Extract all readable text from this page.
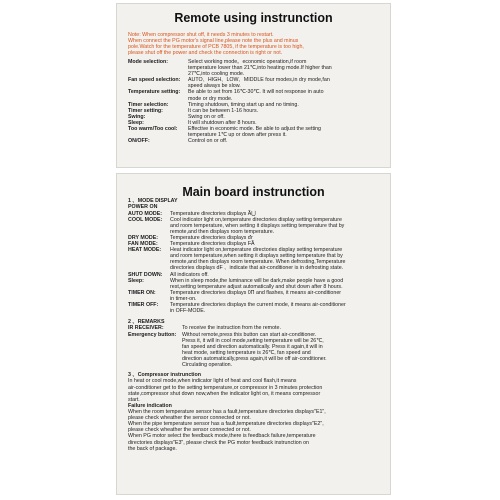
Remote using instrunction
Note: When compressor shut off, it needs 3 minutes to restart.
When connect the PG motor's signal line,please note the plus and minus
pole.Watch for the temperature of PCB 7805, if the temperature is too high,
please shut off the power and check the connection is right or not.
Mode selection:	Select working mode。economic operation,if room
temperature lower than 21℃,into heating mode.If higher than
27℃,into cooling mode.
Fan speed selection:	AUTO、HIGH、LOW、MIDDLE four modes,in dry mode,fan
speed always be slow.
Temperature setting:	Be able to set from 16℃-30℃. It will not response in auto
mode or dry mode.
Timer selection:	Timing shutdown, timing start up and no timing.
Timer setting:	It can be between 1-16 hours.
Swing:	Swing on or off.
Sleep:	It will shutdown after 8 hours.
Too warm/Too cool:	Effective in economic mode. Be able to adjust the setting
temperature 1℃ up or down after press it.
ON/OFF:	Control on or off.
Main board instrunction
1 、MODE DISPLAY
POWER ON
AUTO MODE:	Temperature directories displays Ȁ⋃
COOL MODE:	Cool indicator light on,temperature directories display setting temperature
and room temperature, when setting it displays setting temperature that by
remote,and then displays room temperature.
DRY MODE:	Temperature directories displays ďᴦ
FAN MODE:	Temperature directories displays ϜȀ
HEAT MODE:	Heat indicator light on,temperature directories display setting temperature
and room temperature,when setting it displays setting temperature that by
remote,and then displays room temperature. When defrosting,Temperature
directories displays dF 、indicate that air-conditioner is in defrosting state.
SHUT DOWN:	All indicators off.
Sleep:	When in sleep mode,the luminance will be dark,make people have a good
rest,setting temperature adjust automatically and shut down after 8 hours.
TIMER ON:	Temperature directories displays 0П and flashes, it means air-conditioner
in timer-on.
TIMER OFF:	Temperature directories displays the current mode, it means air-conditioner
in OFF-MODE.
2 、REMARKS
IR RECEIVER:	To receive the instruction from the remote.
Emergency button:	Without remote,press this button can start air-conditioner.
Press it, it will in cool mode,setting temperature will be 26℃,
fan speed and direction automatically. Press it again,it will in
heat mode, setting temperature is 26℃, fan speed and
direction automatically,press again,it will be off air-conditioner.
Circulating operation.
3 、Compressor instrunction
In heat or cool mode,when indicator light of heat and cool flash,it means
air-conditioner get to the setting temperature,or compressor in 3 minutes protection
state,compressor shut down now,when the indicator light on, it means compressor
start.
Failure indication
When the room temperature sensor has a fault,temperature directories displays"E1",
please check wheather the sensor connected or not.
When the pipe temperature sensor has a fault,temperature directories displays"E2",
please check wheather the sensor connected or not.
When PG motor select the feedback mode,there is feedback failure,temperature
directories displays"E3", please check the PG motor feedback instrunction on
the back of package.
